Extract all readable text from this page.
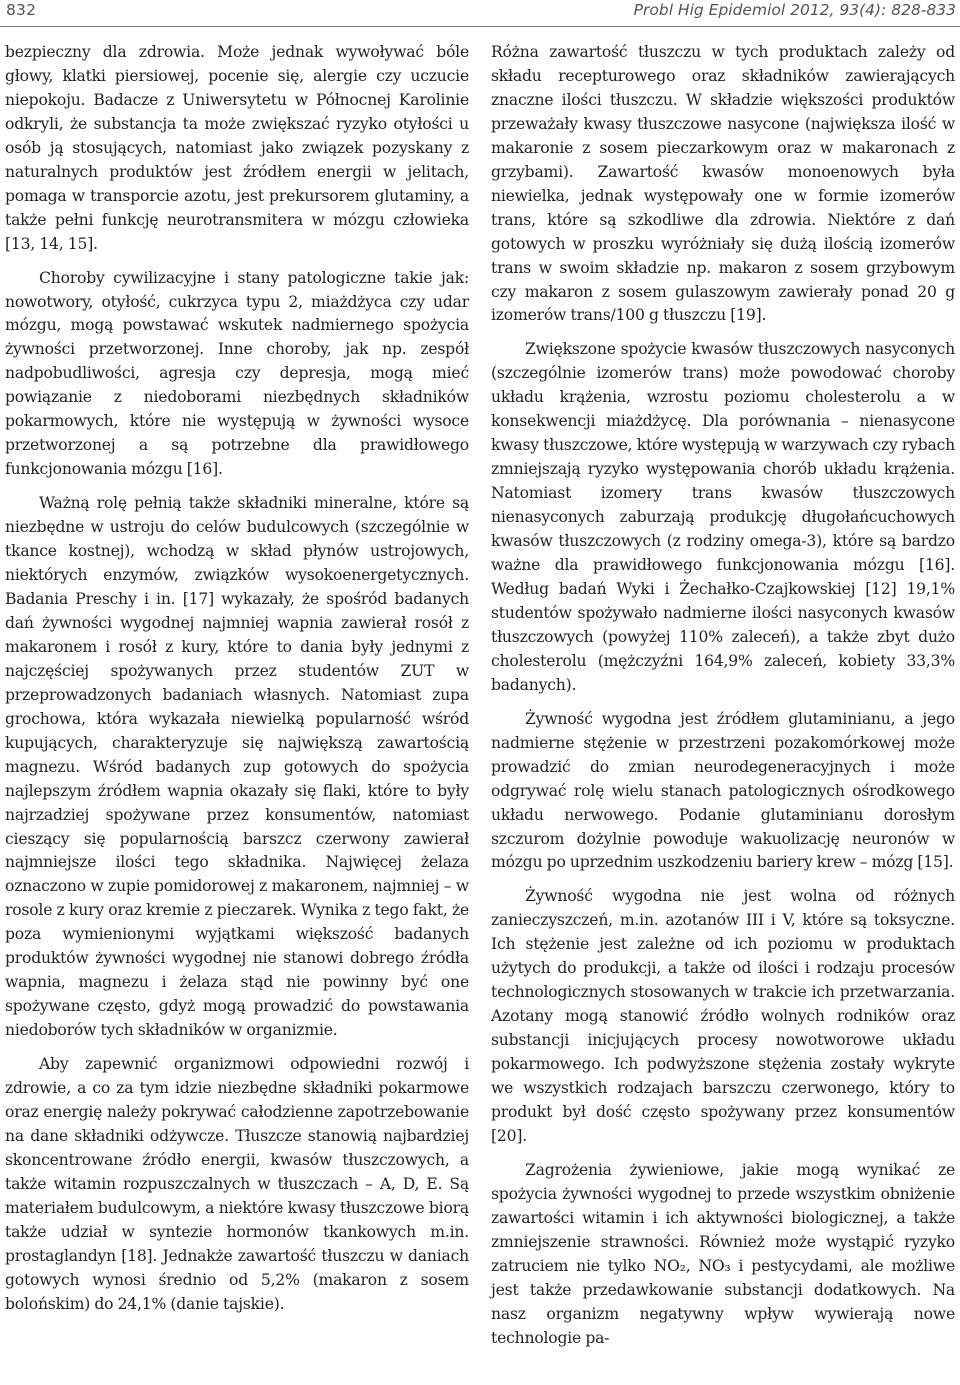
832	Probl Hig Epidemiol 2012, 93(4): 828-833

bezpieczny dla zdrowia. Może jednak wywoływać bóle głowy, klatki piersiowej, pocenie się, alergie czy uczucie niepokoju. Badacze z Uniwersytetu w Północnej Karolinie odkryli, że substancja ta może zwiększać ryzyko otyłości u osób ją stosujących, natomiast jako związek pozyskany z naturalnych produktów jest źródłem energii w jelitach, pomaga w transporcie azotu, jest prekursorem glutaminy, a także pełni funkcję neurotransmitera w mózgu człowieka [13, 14, 15].

Choroby cywilizacyjne i stany patologiczne takie jak: nowotwory, otyłość, cukrzyca typu 2, miażdżyca czy udar mózgu, mogą powstawać wskutek nadmiernego spożycia żywności przetworzonej. Inne choroby, jak np. zespół nadpobudliwości, agresja czy depresja, mogą mieć powiązanie z niedoborami niezbędnych składników pokarmowych, które nie występują w żywności wysoce przetworzonej a są potrzebne dla prawidłowego funkcjonowania mózgu [16].

Ważną rolę pełnią także składniki mineralne, które są niezbędne w ustroju do celów budulcowych (szczególnie w tkance kostnej), wchodzą w skład płynów ustrojowych, niektórych enzymów, związków wysokoenergetycznych. Badania Preschy i in. [17] wykazały, że spośród badanych dań żywności wygodnej najmniej wapnia zawierał rosół z makaronem i rosół z kury, które to dania były jednymi z najczęściej spożywanych przez studentów ZUT w przeprowadzonych badaniach własnych. Natomiast zupa grochowa, która wykazała niewielką popularność wśród kupujących, charakteryzuje się największą zawartością magnezu. Wśród badanych zup gotowych do spożycia najlepszym źródłem wapnia okazały się flaki, które to były najrzadziej spożywane przez konsumentów, natomiast cieszący się popularnością barszcz czerwony zawierał najmniejsze ilości tego składnika. Najwięcej żelaza oznaczono w zupie pomidorowej z makaronem, najmniej – w rosole z kury oraz kremie z pieczarek. Wynika z tego fakt, że poza wymienionymi wyjątkami większość badanych produktów żywności wygodnej nie stanowi dobrego źródła wapnia, magnezu i żelaza stąd nie powinny być one spożywane często, gdyż mogą prowadzić do powstawania niedoborów tych składników w organizmie.

Aby zapewnić organizmowi odpowiedni rozwój i zdrowie, a co za tym idzie niezbędne składniki pokarmowe oraz energię należy pokrywać całodzienne zapotrzebowanie na dane składniki odżywcze. Tłuszcze stanowią najbardziej skoncentrowane źródło energii, kwasów tłuszczowych, a także witamin rozpuszczalnych w tłuszczach – A, D, E. Są materiałem budulcowym, a niektóre kwasy tłuszczowe biorą także udział w syntezie hormonów tkankowych m.in. prostaglandyn [18]. Jednakże zawartość tłuszczu w daniach gotowych wynosi średnio od 5,2% (makaron z sosem bolońskim) do 24,1% (danie tajskie).

Różna zawartość tłuszczu w tych produktach zależy od składu recepturowego oraz składników zawierających znaczne ilości tłuszczu. W składzie większości produktów przeważały kwasy tłuszczowe nasycone (największa ilość w makaronie z sosem pieczarkowym oraz w makaronach z grzybami). Zawartość kwasów monoenowych była niewielka, jednak występowały one w formie izomerów trans, które są szkodliwe dla zdrowia. Niektóre z dań gotowych w proszku wyróżniały się dużą ilością izomerów trans w swoim składzie np. makaron z sosem grzybowym czy makaron z sosem gulaszowym zawierały ponad 20 g izomerów trans/100 g tłuszczu [19].

Zwiększone spożycie kwasów tłuszczowych nasyconych (szczególnie izomerów trans) może powodować choroby układu krążenia, wzrostu poziomu cholesterolu a w konsekwencji miażdżycę. Dla porównania – nienasycone kwasy tłuszczowe, które występują w warzywach czy rybach zmniejszają ryzyko występowania chorób układu krążenia. Natomiast izomery trans kwasów tłuszczowych nienasyconych zaburzają produkcję długołańcuchowych kwasów tłuszczowych (z rodziny omega-3), które są bardzo ważne dla prawidłowego funkcjonowania mózgu [16]. Według badań Wyki i Żechałko-Czajkowskiej [12] 19,1% studentów spożywało nadmierne ilości nasyconych kwasów tłuszczowych (powyżej 110% zaleceń), a także zbyt dużo cholesterolu (mężczyźni 164,9% zaleceń, kobiety 33,3% badanych).

Żywność wygodna jest źródłem glutaminianu, a jego nadmierne stężenie w przestrzeni pozakomórkowej może prowadzić do zmian neurodegeneracyjnych i może odgrywać rolę wielu stanach patologicznych ośrodkowego układu nerwowego. Podanie glutaminianu dorosłym szczurom dożylnie powoduje wakuolizację neuronów w mózgu po uprzednim uszkodzeniu bariery krew – mózg [15].

Żywność wygodna nie jest wolna od różnych zanieczyszczeń, m.in. azotanów III i V, które są toksyczne. Ich stężenie jest zależne od ich poziomu w produktach użytych do produkcji, a także od ilości i rodzaju procesów technologicznych stosowanych w trakcie ich przetwarzania. Azotany mogą stanowić źródło wolnych rodników oraz substancji inicjujących procesy nowotworowe układu pokarmowego. Ich podwyższone stężenia zostały wykryte we wszystkich rodzajach barszczu czerwonego, który to produkt był dość często spożywany przez konsumentów [20].

Zagrożenia żywieniowe, jakie mogą wynikać ze spożycia żywności wygodnej to przede wszystkim obniżenie zawartości witamin i ich aktywności biologicznej, a także zmniejszenie strawności. Również może wystąpić ryzyko zatruciem nie tylko NO₂, NO₃ i pestycydami, ale możliwe jest także przedawkowanie substancji dodatkowych. Na nasz organizm negatywny wpływ wywierają nowe technologie pa-
